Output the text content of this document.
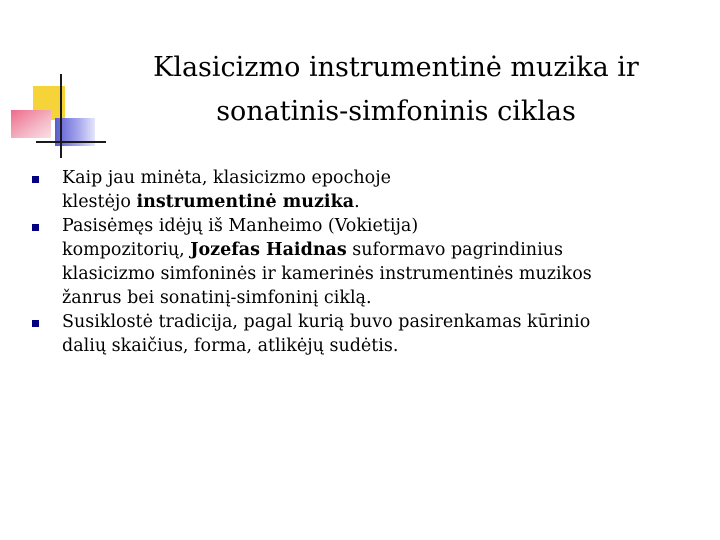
Klasicizmo instrumentinė muzika ir
sonatinis-simfoninis ciklas
Kaip jau minėta, klasicizmo epochoje
klestėjo instrumentinė muzika.
Pasisėmęs idėjų iš Manheimo (Vokietija)
kompozitorių, Jozefas Haidnas suformavo pagrindinius
klasicizmo simfoninės ir kamerinės instrumentinės muzikos
žanrus bei sonatinį-simfoninį ciklą.
Susiklostė tradicija, pagal kurią buvo pasirenkamas kūrinio
dalių skaičius, forma, atlikėjų sudėtis.
